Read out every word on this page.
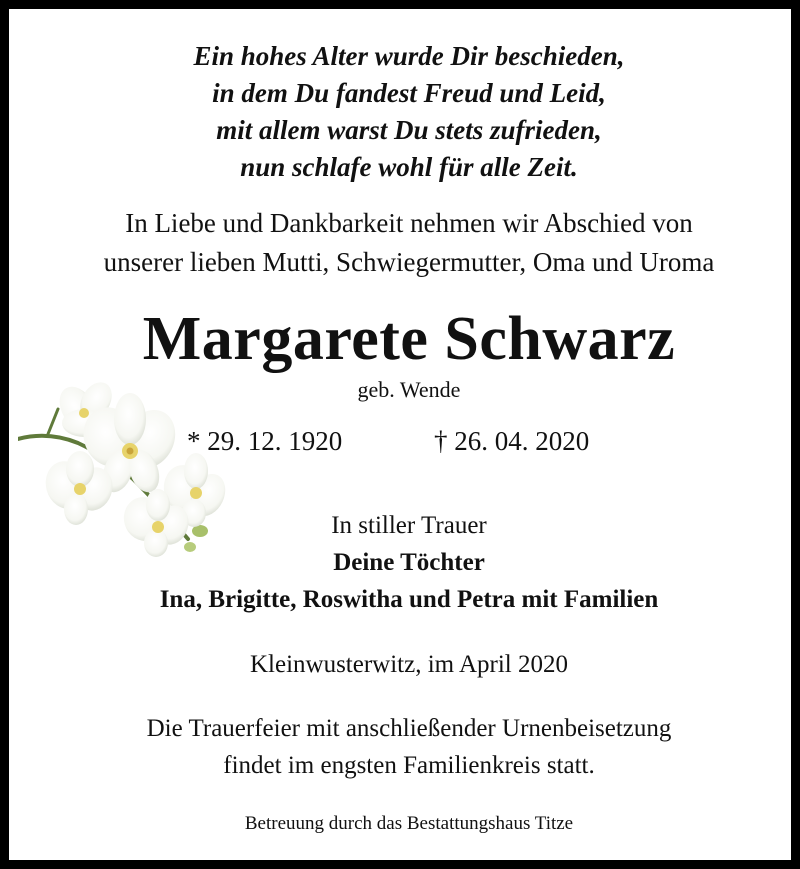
Ein hohes Alter wurde Dir beschieden,
in dem Du fandest Freud und Leid,
mit allem warst Du stets zufrieden,
nun schlafe wohl für alle Zeit.
In Liebe und Dankbarkeit nehmen wir Abschied von
unserer lieben Mutti, Schwiegermutter, Oma und Uroma
Margarete Schwarz
geb. Wende
* 29. 12. 1920	† 26. 04. 2020
In stiller Trauer
Deine Töchter
Ina, Brigitte, Roswitha und Petra mit Familien
Kleinwusterwitz, im April 2020
Die Trauerfeier mit anschließender Urnenbeisetzung
findet im engsten Familienkreis statt.
Betreuung durch das Bestattungshaus Titze
